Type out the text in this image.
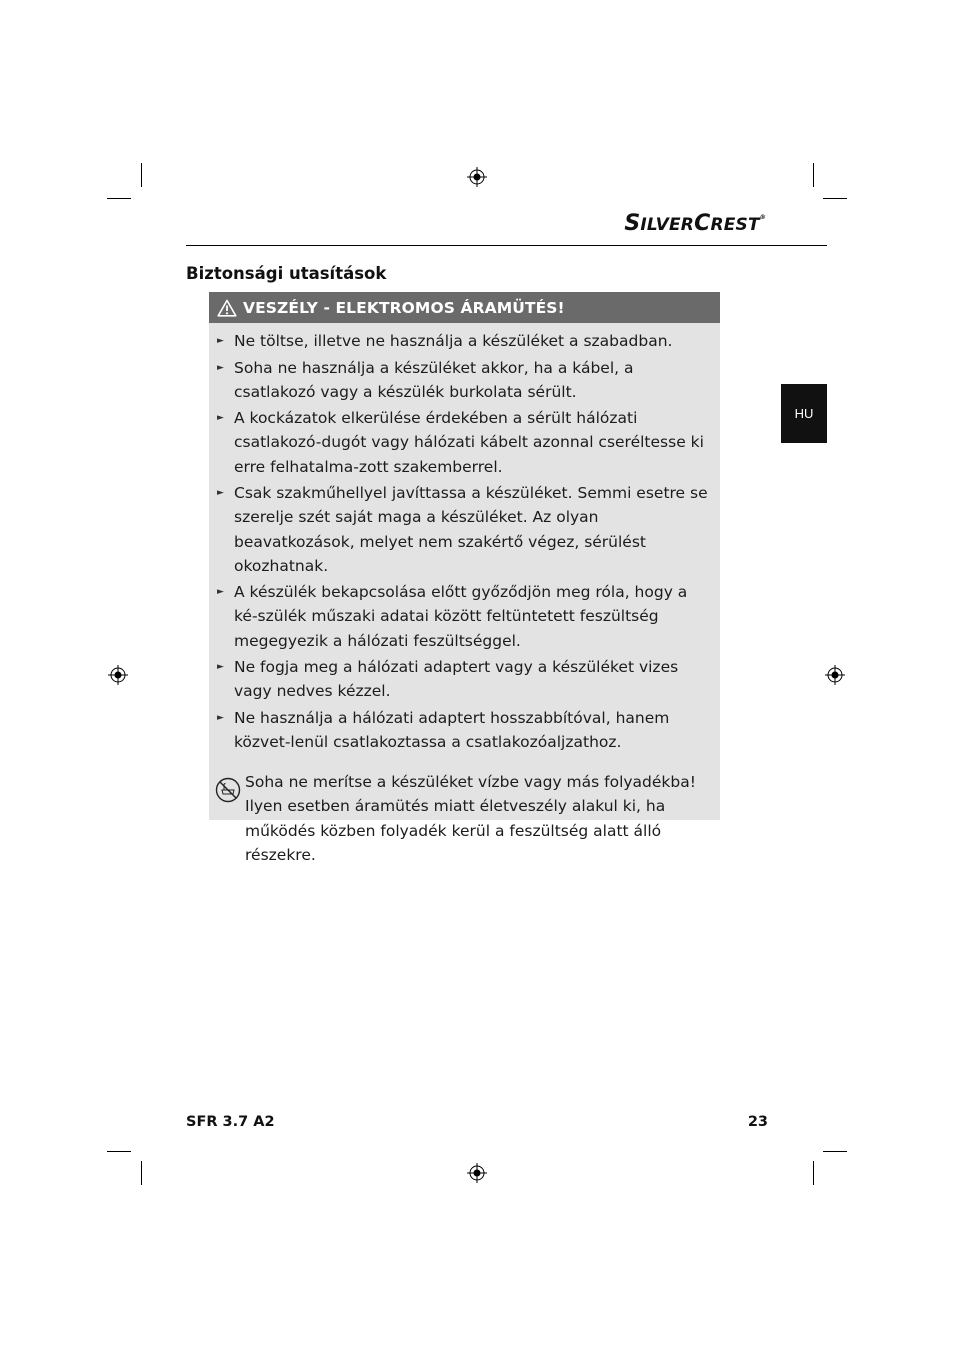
SILVERCREST®
HU
Biztonsági utasítások
VESZÉLY - ELEKTROMOS ÁRAMÜTÉS!
► Ne töltse, illetve ne használja a készüléket a szabadban.
► Soha ne használja a készüléket akkor, ha a kábel, a csatlakozó vagy a készülék burkolata sérült.
► A kockázatok elkerülése érdekében a sérült hálózati csatlakozó-dugót vagy hálózati kábelt azonnal cseréltesse ki erre felhatalma-zott szakemberrel.
► Csak szakműhellyel javíttassa a készüléket. Semmi esetre se szerelje szét saját maga a készüléket. Az olyan beavatkozások, melyet nem szakértő végez, sérülést okozhatnak.
► A készülék bekapcsolása előtt győződjön meg róla, hogy a ké-szülék műszaki adatai között feltüntetett feszültség megegyezik a hálózati feszültséggel.
► Ne fogja meg a hálózati adaptert vagy a készüléket vizes vagy nedves kézzel.
► Ne használja a hálózati adaptert hosszabbítóval, hanem közvet-lenül csatlakoztassa a csatlakozóaljzathoz.
Soha ne merítse a készüléket vízbe vagy más folyadékba! Ilyen esetben áramütés miatt életveszély alakul ki, ha működés közben folyadék kerül a feszültség alatt álló részekre.
SFR 3.7 A2	23
